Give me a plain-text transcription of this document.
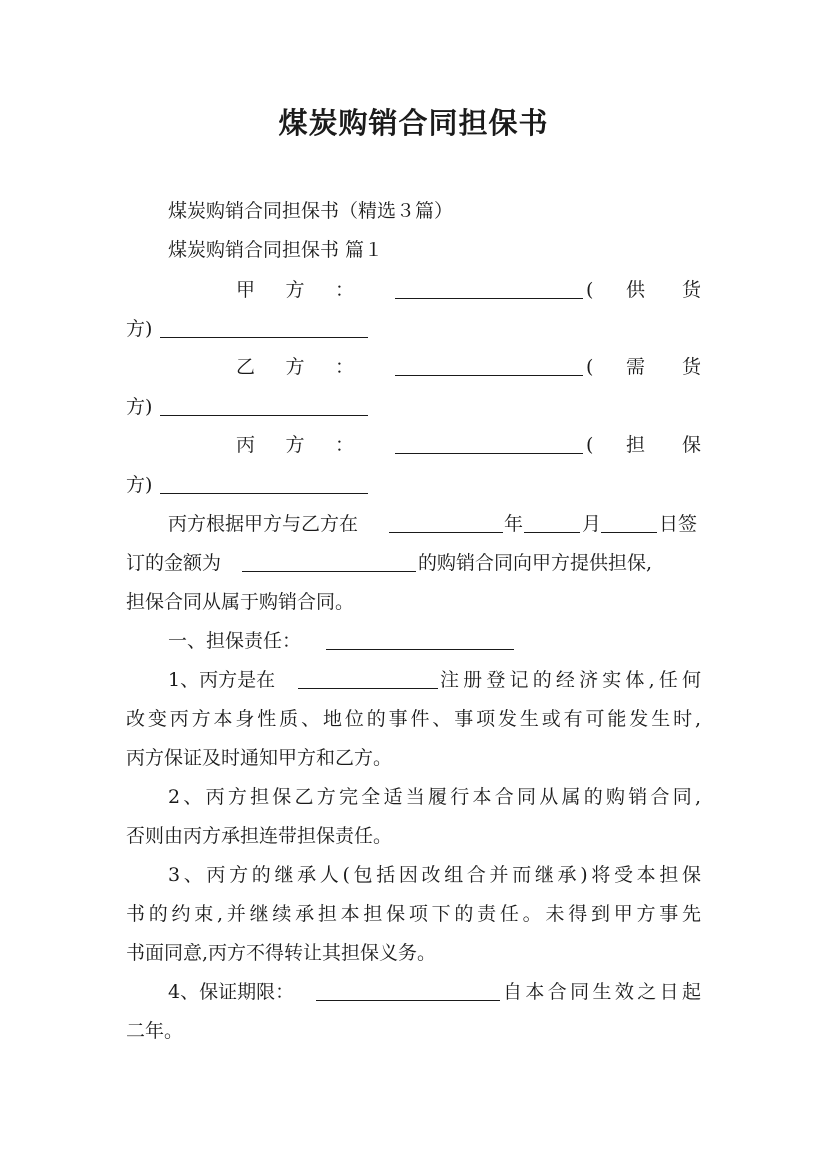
煤炭购销合同担保书
煤炭购销合同担保书（精选３篇）
煤炭购销合同担保书 篇１
甲方：	( 供货
方)
乙方：	( 需货
方)
丙方：	( 担保
方)
丙方根据甲方与乙方在	年	月	日签
订的金额为	的购销合同向甲方提供担保,
担保合同从属于购销合同。
一、担保责任：
1、丙方是在	注册登记的经济实体,任何
改变丙方本身性质、地位的事件、事项发生或有可能发生时,
丙方保证及时通知甲方和乙方。
2、丙方担保乙方完全适当履行本合同从属的购销合同,
否则由丙方承担连带担保责任。
3、丙方的继承人(包括因改组合并而继承)将受本担保
书的约束,并继续承担本担保项下的责任。未得到甲方事先
书面同意,丙方不得转让其担保义务。
4、保证期限：	自本合同生效之日起
二年。
